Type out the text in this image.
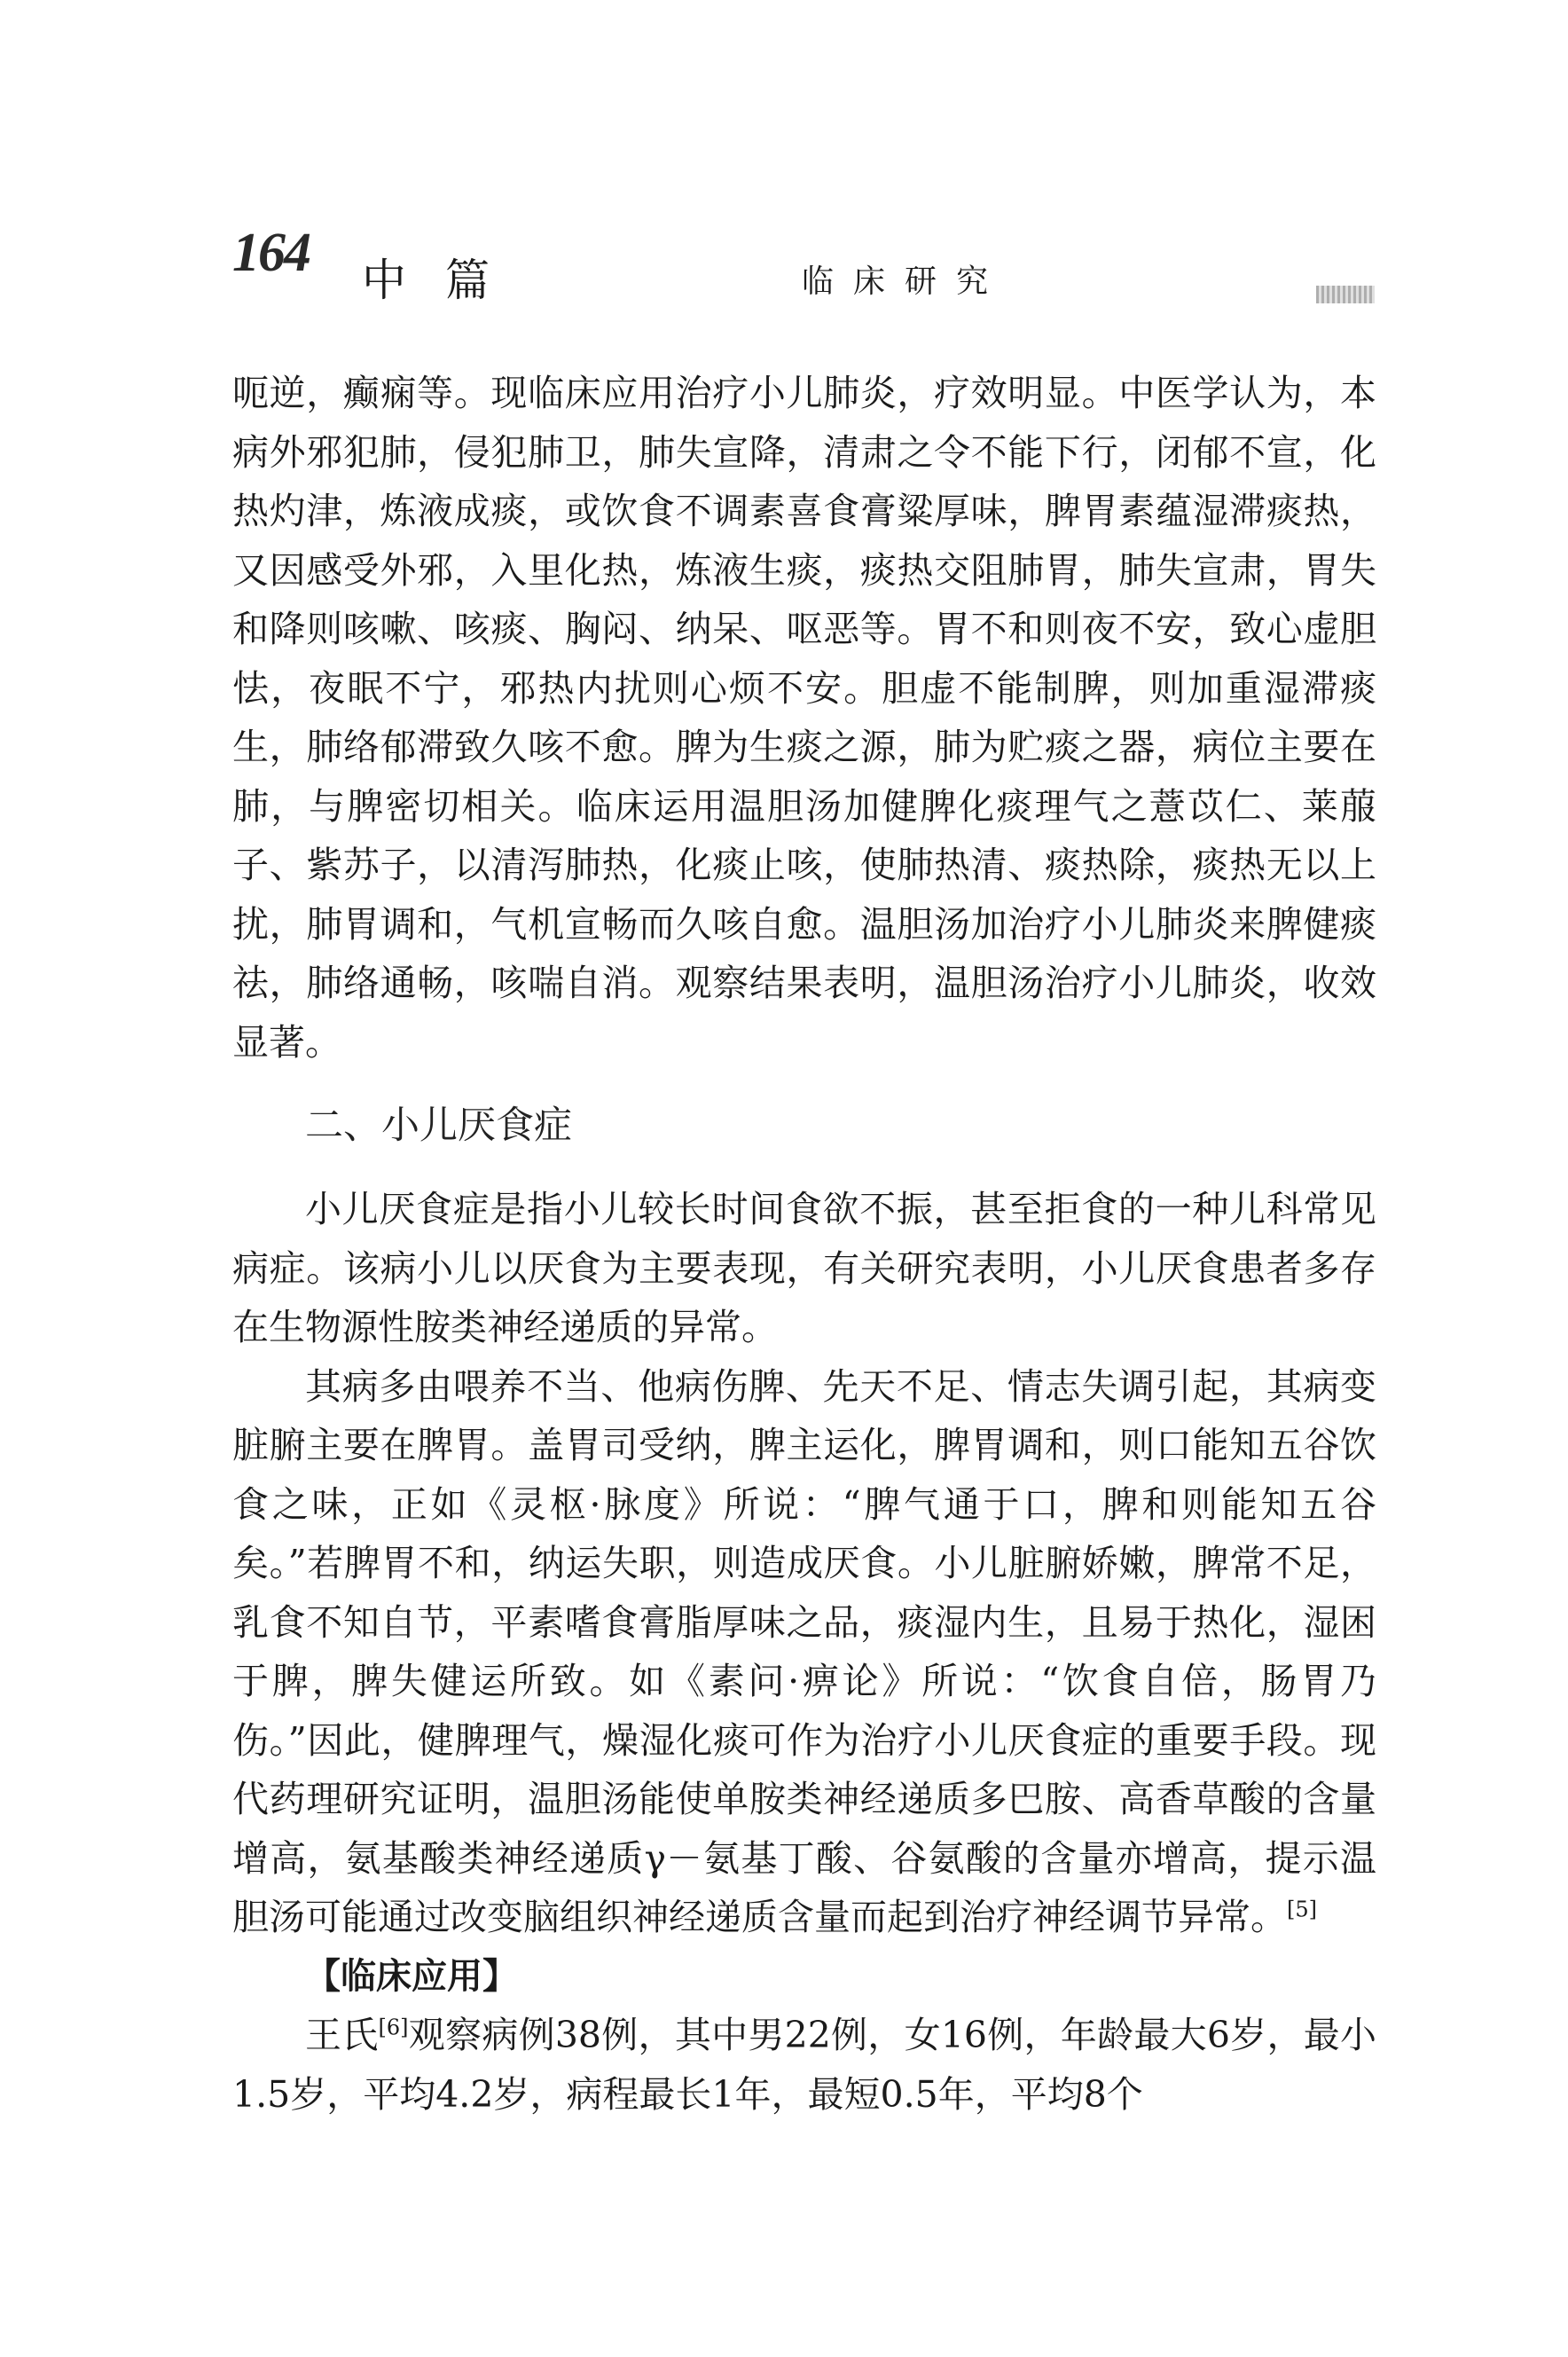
164 中篇	临床研究

呃逆，癫痫等。现临床应用治疗小儿肺炎，疗效明显。中医学认为，本病外邪犯肺，侵犯肺卫，肺失宣降，清肃之令不能下行，闭郁不宣，化热灼津，炼液成痰，或饮食不调素喜食膏粱厚味，脾胃素蕴湿滞痰热，又因感受外邪，入里化热，炼液生痰，痰热交阻肺胃，肺失宣肃，胃失和降则咳嗽、咳痰、胸闷、纳呆、呕恶等。胃不和则夜不安，致心虚胆怯，夜眠不宁，邪热内扰则心烦不安。胆虚不能制脾，则加重湿滞痰生，肺络郁滞致久咳不愈。脾为生痰之源，肺为贮痰之器，病位主要在肺，与脾密切相关。临床运用温胆汤加健脾化痰理气之薏苡仁、莱菔子、紫苏子，以清泻肺热，化痰止咳，使肺热清、痰热除，痰热无以上扰，肺胃调和，气机宣畅而久咳自愈。温胆汤加治疗小儿肺炎来脾健痰祛，肺络通畅，咳喘自消。观察结果表明，温胆汤治疗小儿肺炎，收效显著。

二、小儿厌食症

小儿厌食症是指小儿较长时间食欲不振，甚至拒食的一种儿科常见病症。该病小儿以厌食为主要表现，有关研究表明，小儿厌食患者多存在生物源性胺类神经递质的异常。

其病多由喂养不当、他病伤脾、先天不足、情志失调引起，其病变脏腑主要在脾胃。盖胃司受纳，脾主运化，脾胃调和，则口能知五谷饮食之味，正如《灵枢·脉度》所说：“脾气通于口，脾和则能知五谷矣。”若脾胃不和，纳运失职，则造成厌食。小儿脏腑娇嫩，脾常不足，乳食不知自节，平素嗜食膏脂厚味之品，痰湿内生，且易于热化，湿困于脾，脾失健运所致。如《素问·痹论》所说：“饮食自倍，肠胃乃伤。”因此，健脾理气，燥湿化痰可作为治疗小儿厌食症的重要手段。现代药理研究证明，温胆汤能使单胺类神经递质多巴胺、高香草酸的含量增高，氨基酸类神经递质γ－氨基丁酸、谷氨酸的含量亦增高，提示温胆汤可能通过改变脑组织神经递质含量而起到治疗神经调节异常。[5]

【临床应用】

王氏[6]观察病例38例，其中男22例，女16例，年龄最大6岁，最小1.5岁，平均4.2岁，病程最长1年，最短0.5年，平均8个
